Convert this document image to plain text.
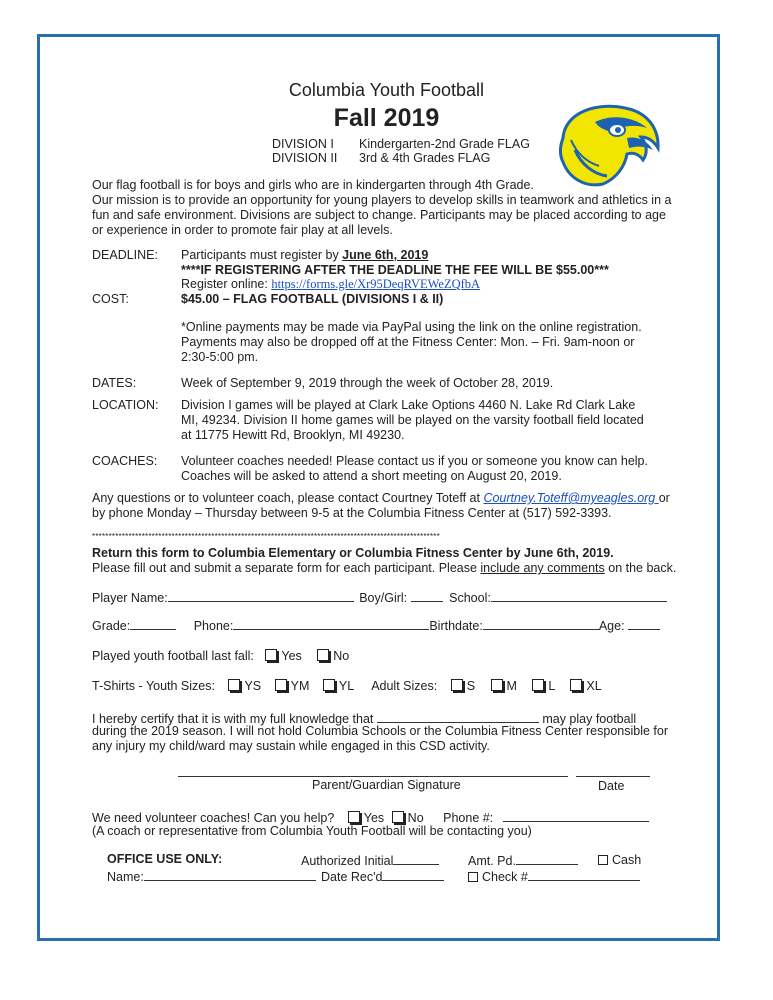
Columbia Youth Football
Fall 2019
DIVISION I Kindergarten-2nd Grade FLAG
DIVISION II 3rd & 4th Grades FLAG
Our flag football is for boys and girls who are in kindergarten through 4th Grade.
Our mission is to provide an opportunity for young players to develop skills in teamwork and athletics in a fun and safe environment. Divisions are subject to change. Participants may be placed according to age or experience in order to promote fair play at all levels.
DEADLINE: Participants must register by June 6th, 2019
****IF REGISTERING AFTER THE DEADLINE THE FEE WILL BE $55.00***
Register online: https://forms.gle/Xr95DeqRVEWeZQfbA
COST:	$45.00 – FLAG FOOTBALL (DIVISIONS I & II)
*Online payments may be made via PayPal using the link on the online registration. Payments may also be dropped off at the Fitness Center: Mon. – Fri. 9am-noon or 2:30-5:00 pm.
DATES:	Week of September 9, 2019 through the week of October 28, 2019.
LOCATION: Division I games will be played at Clark Lake Options 4460 N. Lake Rd Clark Lake MI, 49234. Division II home games will be played on the varsity football field located at 11775 Hewitt Rd, Brooklyn, MI 49230.
COACHES: Volunteer coaches needed! Please contact us if you or someone you know can help. Coaches will be asked to attend a short meeting on August 20, 2019.
Any questions or to volunteer coach, please contact Courtney Toteff at Courtney.Toteff@myeagles.org or
by phone Monday – Thursday between 9-5 at the Columbia Fitness Center at (517) 592-3393.
*********************************************************************************************************
Return this form to Columbia Elementary or Columbia Fitness Center by June 6th, 2019.
Please fill out and submit a separate form for each participant. Please include any comments on the back.
Player Name:	Boy/Girl:	School:
Grade:	Phone:	Birthdate:	Age:
Played youth football last fall: Yes	No
T-Shirts - Youth Sizes: YS YM YL Adult Sizes: S	M	L	XL
I hereby certify that it is with my full knowledge that	may play football
during the 2019 season. I will not hold Columbia Schools or the Columbia Fitness Center responsible for any injury my child/ward may sustain while engaged in this CSD activity.
Parent/Guardian Signature	Date
We need volunteer coaches! Can you help? Yes No Phone #:
(A coach or representative from Columbia Youth Football will be contacting you)
OFFICE USE ONLY:	Authorized Initial	Amt. Pd.	Cash
Name:	Date Rec'd	Check #
